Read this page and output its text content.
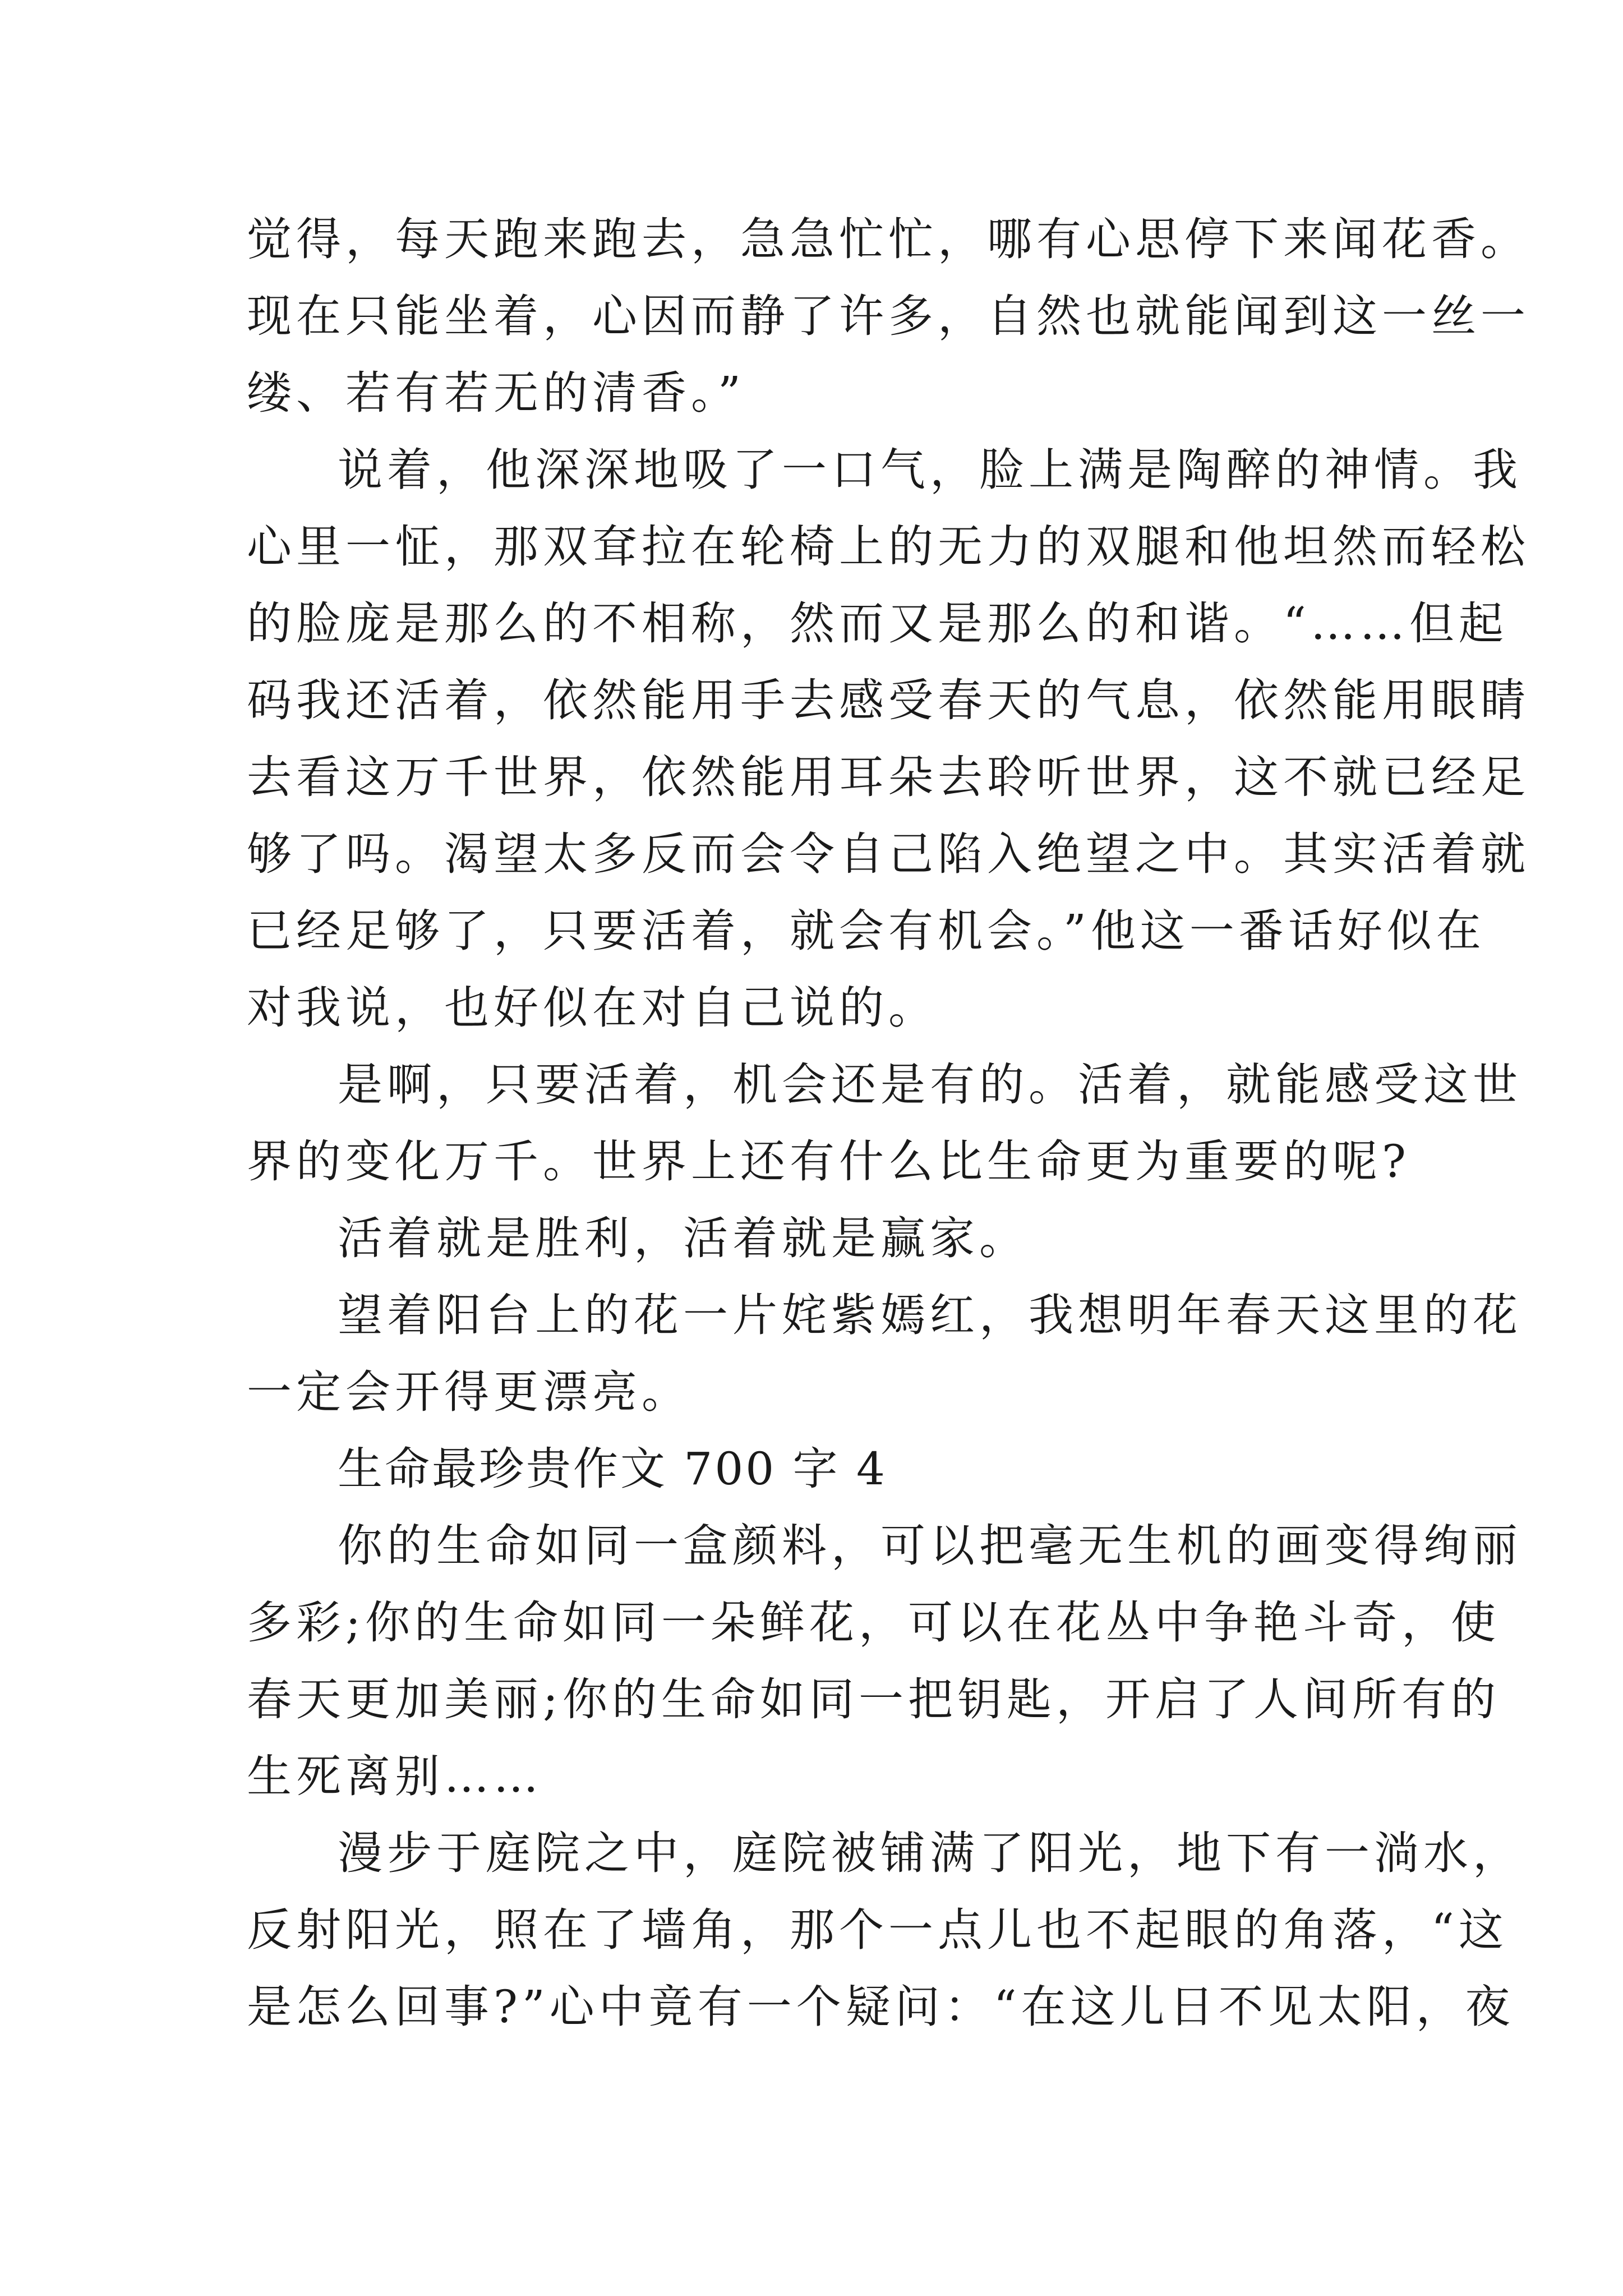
觉得，每天跑来跑去，急急忙忙，哪有心思停下来闻花香。
现在只能坐着，心因而静了许多，自然也就能闻到这一丝一
缕、若有若无的清香。”
说着，他深深地吸了一口气，脸上满是陶醉的神情。我
心里一怔，那双耷拉在轮椅上的无力的双腿和他坦然而轻松
的脸庞是那么的不相称，然而又是那么的和谐。“……但起
码我还活着，依然能用手去感受春天的气息，依然能用眼睛
去看这万千世界，依然能用耳朵去聆听世界，这不就已经足
够了吗。渴望太多反而会令自己陷入绝望之中。其实活着就
已经足够了，只要活着，就会有机会。”他这一番话好似在
对我说，也好似在对自己说的。
是啊，只要活着，机会还是有的。活着，就能感受这世
界的变化万千。世界上还有什么比生命更为重要的呢?
活着就是胜利，活着就是赢家。
望着阳台上的花一片姹紫嫣红，我想明年春天这里的花
一定会开得更漂亮。
生命最珍贵作文 700 字 4
你的生命如同一盒颜料，可以把毫无生机的画变得绚丽
多彩;你的生命如同一朵鲜花，可以在花丛中争艳斗奇，使
春天更加美丽;你的生命如同一把钥匙，开启了人间所有的
生死离别……
漫步于庭院之中，庭院被铺满了阳光，地下有一淌水，
反射阳光，照在了墙角，那个一点儿也不起眼的角落，“这
是怎么回事?”心中竟有一个疑问：“在这儿日不见太阳，夜
